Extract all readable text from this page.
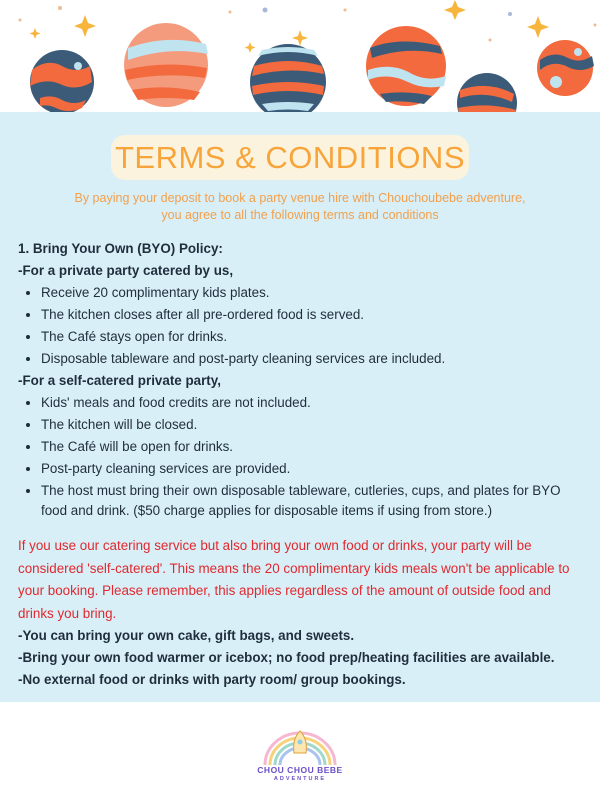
TERMS & CONDITIONS
By paying your deposit to book a party venue hire with Chouchoubebe adventure,
you agree to all the following terms and conditions
1. Bring Your Own (BYO) Policy:
-For a private party catered by us,
Receive 20 complimentary kids plates.
The kitchen closes after all pre-ordered food is served.
The Café stays open for drinks.
Disposable tableware and post-party cleaning services are included.
-For a self-catered private party,
Kids' meals and food credits are not included.
The kitchen will be closed.
The Café will be open for drinks.
Post-party cleaning services are provided.
The host must bring their own disposable tableware, cutleries, cups, and plates for BYO food and drink. ($50 charge applies for disposable items if using from store.)
If you use our catering service but also bring your own food or drinks, your party will be considered 'self-catered'. This means the 20 complimentary kids meals won't be applicable to your booking. Please remember, this applies regardless of the amount of outside food and drinks you bring.
-You can bring your own cake, gift bags, and sweets.
-Bring your own food warmer or icebox; no food prep/heating facilities are available.
-No external food or drinks with party room/ group bookings.
CHOU CHOU BEBE
ADVENTURE
